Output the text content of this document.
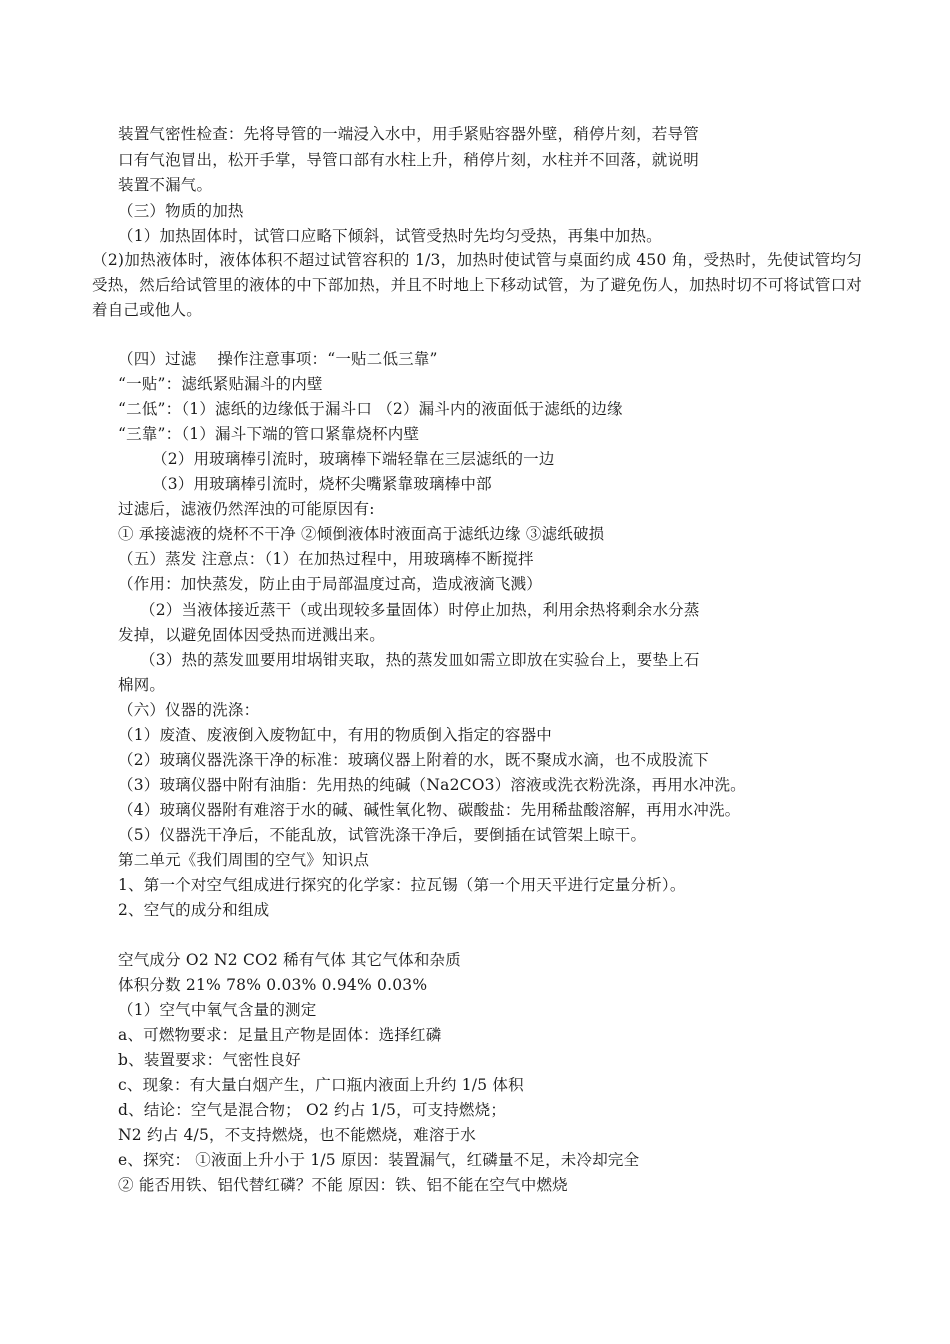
装置气密性检查：先将导管的一端浸入水中，用手紧贴容器外壁，稍停片刻，若导管
口有气泡冒出，松开手掌，导管口部有水柱上升，稍停片刻，水柱并不回落，就说明
装置不漏气。
（三）物质的加热
（1）加热固体时，试管口应略下倾斜，试管受热时先均匀受热，再集中加热。
（2)加热液体时，液体体积不超过试管容积的 1/3，加热时使试管与桌面约成 450 角，受热时，先使试管均匀受热，然后给试管里的液体的中下部加热，并且不时地上下移动试管，为了避免伤人，加热时切不可将试管口对着自己或他人。
（四）过滤　 操作注意事项：“一贴二低三靠”
“一贴”：滤纸紧贴漏斗的内壁
“二低”：（1）滤纸的边缘低于漏斗口 （2）漏斗内的液面低于滤纸的边缘
“三靠”：（1）漏斗下端的管口紧靠烧杯内壁
（2）用玻璃棒引流时，玻璃棒下端轻靠在三层滤纸的一边
（3）用玻璃棒引流时，烧杯尖嘴紧靠玻璃棒中部
过滤后，滤液仍然浑浊的可能原因有:
① 承接滤液的烧杯不干净 ②倾倒液体时液面高于滤纸边缘 ③滤纸破损
（五）蒸发 注意点：（1）在加热过程中，用玻璃棒不断搅拌
（作用：加快蒸发，防止由于局部温度过高，造成液滴飞溅）
（2）当液体接近蒸干（或出现较多量固体）时停止加热，利用余热将剩余水分蒸
发掉，以避免固体因受热而迸溅出来。
（3）热的蒸发皿要用坩埚钳夹取，热的蒸发皿如需立即放在实验台上，要垫上石
棉网。
（六）仪器的洗涤：
（1）废渣、废液倒入废物缸中，有用的物质倒入指定的容器中
（2）玻璃仪器洗涤干净的标准：玻璃仪器上附着的水，既不聚成水滴，也不成股流下
（3）玻璃仪器中附有油脂：先用热的纯碱（Na2CO3）溶液或洗衣粉洗涤，再用水冲洗。
（4）玻璃仪器附有难溶于水的碱、碱性氧化物、碳酸盐：先用稀盐酸溶解，再用水冲洗。
（5）仪器洗干净后，不能乱放，试管洗涤干净后，要倒插在试管架上晾干。
第二单元《我们周围的空气》知识点
1、第一个对空气组成进行探究的化学家：拉瓦锡（第一个用天平进行定量分析）。
2、空气的成分和组成
空气成分 O2 N2 CO2 稀有气体 其它气体和杂质
体积分数 21% 78% 0.03% 0.94% 0.03%
（1）空气中氧气含量的测定
a、可燃物要求：足量且产物是固体：选择红磷
b、装置要求：气密性良好
c、现象：有大量白烟产生，广口瓶内液面上升约 1/5 体积
d、结论：空气是混合物； O2 约占 1/5，可支持燃烧；
N2 约占 4/5，不支持燃烧，也不能燃烧，难溶于水
e、探究： ①液面上升小于 1/5 原因：装置漏气，红磷量不足，未冷却完全
② 能否用铁、铝代替红磷？不能 原因：铁、铝不能在空气中燃烧
